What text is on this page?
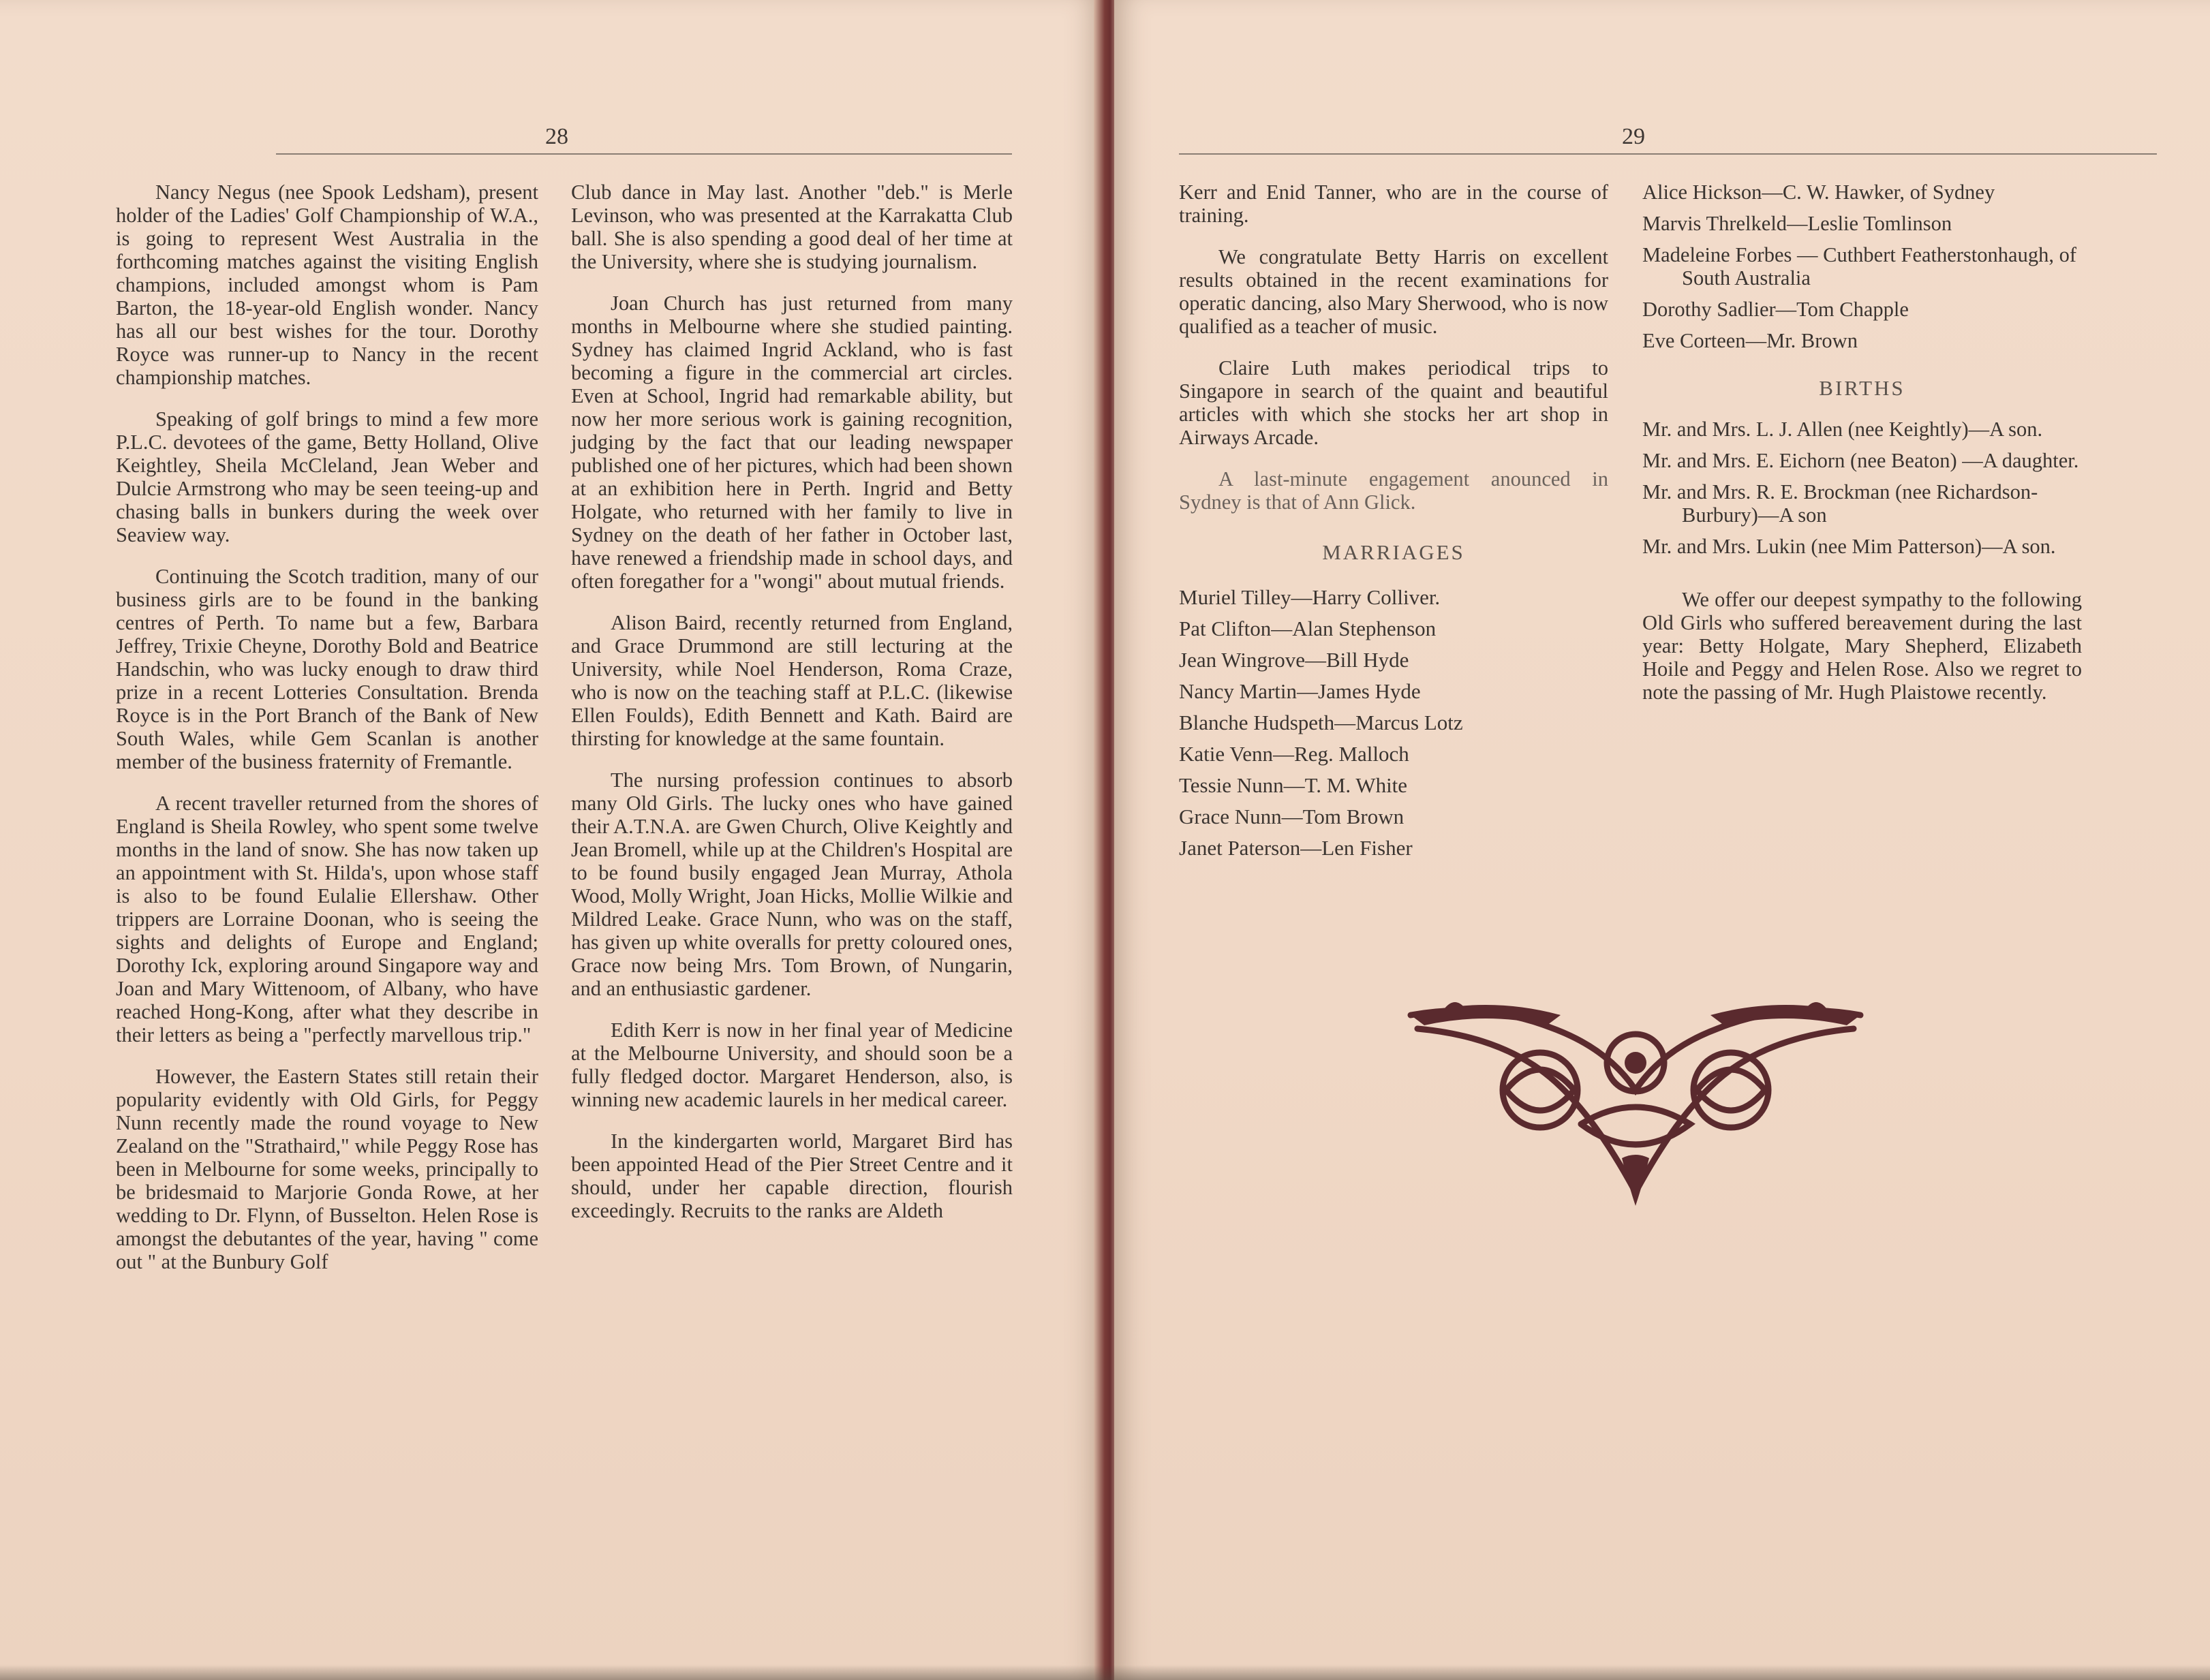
28

Nancy Negus (nee Spook Ledsham), present holder of the Ladies' Golf Championship of W.A., is going to represent West Australia in the forthcoming matches against the visiting English champions, included amongst whom is Pam Barton, the 18-year-old English wonder. Nancy has all our best wishes for the tour. Dorothy Royce was runner-up to Nancy in the recent championship matches.

Speaking of golf brings to mind a few more P.L.C. devotees of the game, Betty Holland, Olive Keightley, Sheila McCleland, Jean Weber and Dulcie Armstrong who may be seen teeing-up and chasing balls in bunkers during the week over Seaview way.

Continuing the Scotch tradition, many of our business girls are to be found in the banking centres of Perth. To name but a few, Barbara Jeffrey, Trixie Cheyne, Dorothy Bold and Beatrice Handschin, who was lucky enough to draw third prize in a recent Lotteries Consultation. Brenda Royce is in the Port Branch of the Bank of New South Wales, while Gem Scanlan is another member of the business fraternity of Fremantle.

A recent traveller returned from the shores of England is Sheila Rowley, who spent some twelve months in the land of snow. She has now taken up an appointment with St. Hilda's, upon whose staff is also to be found Eulalie Ellershaw. Other trippers are Lorraine Doonan, who is seeing the sights and delights of Europe and England; Dorothy Ick, exploring around Singapore way and Joan and Mary Wittenoom, of Albany, who have reached Hong-Kong, after what they describe in their letters as being a "perfectly marvellous trip."

However, the Eastern States still retain their popularity evidently with Old Girls, for Peggy Nunn recently made the round voyage to New Zealand on the "Strathaird," while Peggy Rose has been in Melbourne for some weeks, principally to be bridesmaid to Marjorie Gonda Rowe, at her wedding to Dr. Flynn, of Busselton. Helen Rose is amongst the debutantes of the year, having " come out " at the Bunbury Golf

Club dance in May last. Another "deb." is Merle Levinson, who was presented at the Karrakatta Club ball. She is also spending a good deal of her time at the University, where she is studying journalism.

Joan Church has just returned from many months in Melbourne where she studied painting. Sydney has claimed Ingrid Ackland, who is fast becoming a figure in the commercial art circles. Even at School, Ingrid had remarkable ability, but now her more serious work is gaining recognition, judging by the fact that our leading newspaper published one of her pictures, which had been shown at an exhibition here in Perth. Ingrid and Betty Holgate, who returned with her family to live in Sydney on the death of her father in October last, have renewed a friendship made in school days, and often foregather for a "wongi" about mutual friends.

Alison Baird, recently returned from England, and Grace Drummond are still lecturing at the University, while Noel Henderson, Roma Craze, who is now on the teaching staff at P.L.C. (likewise Ellen Foulds), Edith Bennett and Kath. Baird are thirsting for knowledge at the same fountain.

The nursing profession continues to absorb many Old Girls. The lucky ones who have gained their A.T.N.A. are Gwen Church, Olive Keightly and Jean Bromell, while up at the Children's Hospital are to be found busily engaged Jean Murray, Athola Wood, Molly Wright, Joan Hicks, Mollie Wilkie and Mildred Leake. Grace Nunn, who was on the staff, has given up white overalls for pretty coloured ones, Grace now being Mrs. Tom Brown, of Nungarin, and an enthusiastic gardener.

Edith Kerr is now in her final year of Medicine at the Melbourne University, and should soon be a fully fledged doctor. Margaret Henderson, also, is winning new academic laurels in her medical career.

In the kindergarten world, Margaret Bird has been appointed Head of the Pier Street Centre and it should, under her capable direction, flourish exceedingly. Recruits to the ranks are Aldeth

29

Kerr and Enid Tanner, who are in the course of training.

We congratulate Betty Harris on excellent results obtained in the recent examinations for operatic dancing, also Mary Sherwood, who is now qualified as a teacher of music.

Claire Luth makes periodical trips to Singapore in search of the quaint and beautiful articles with which she stocks her art shop in Airways Arcade.

A last-minute engagement anounced in Sydney is that of Ann Glick.

MARRIAGES
Muriel Tilley—Harry Colliver.
Pat Clifton—Alan Stephenson
Jean Wingrove—Bill Hyde
Nancy Martin—James Hyde
Blanche Hudspeth—Marcus Lotz
Katie Venn—Reg. Malloch
Tessie Nunn—T. M. White
Grace Nunn—Tom Brown
Janet Paterson—Len Fisher
Alice Hickson—C. W. Hawker, of Sydney
Marvis Threlkeld—Leslie Tomlinson
Madeleine Forbes — Cuthbert Featherstonhaugh, of South Australia
Dorothy Sadlier—Tom Chapple
Eve Corteen—Mr. Brown
BIRTHS
Mr. and Mrs. L. J. Allen (nee Keightly)—A son.
Mr. and Mrs. E. Eichorn (nee Beaton) —A daughter.
Mr. and Mrs. R. E. Brockman (nee Richardson-Burbury)—A son
Mr. and Mrs. Lukin (nee Mim Patterson)—A son.

We offer our deepest sympathy to the following Old Girls who suffered bereavement during the last year: Betty Holgate, Mary Shepherd, Elizabeth Hoile and Peggy and Helen Rose. Also we regret to note the passing of Mr. Hugh Plaistowe recently.
